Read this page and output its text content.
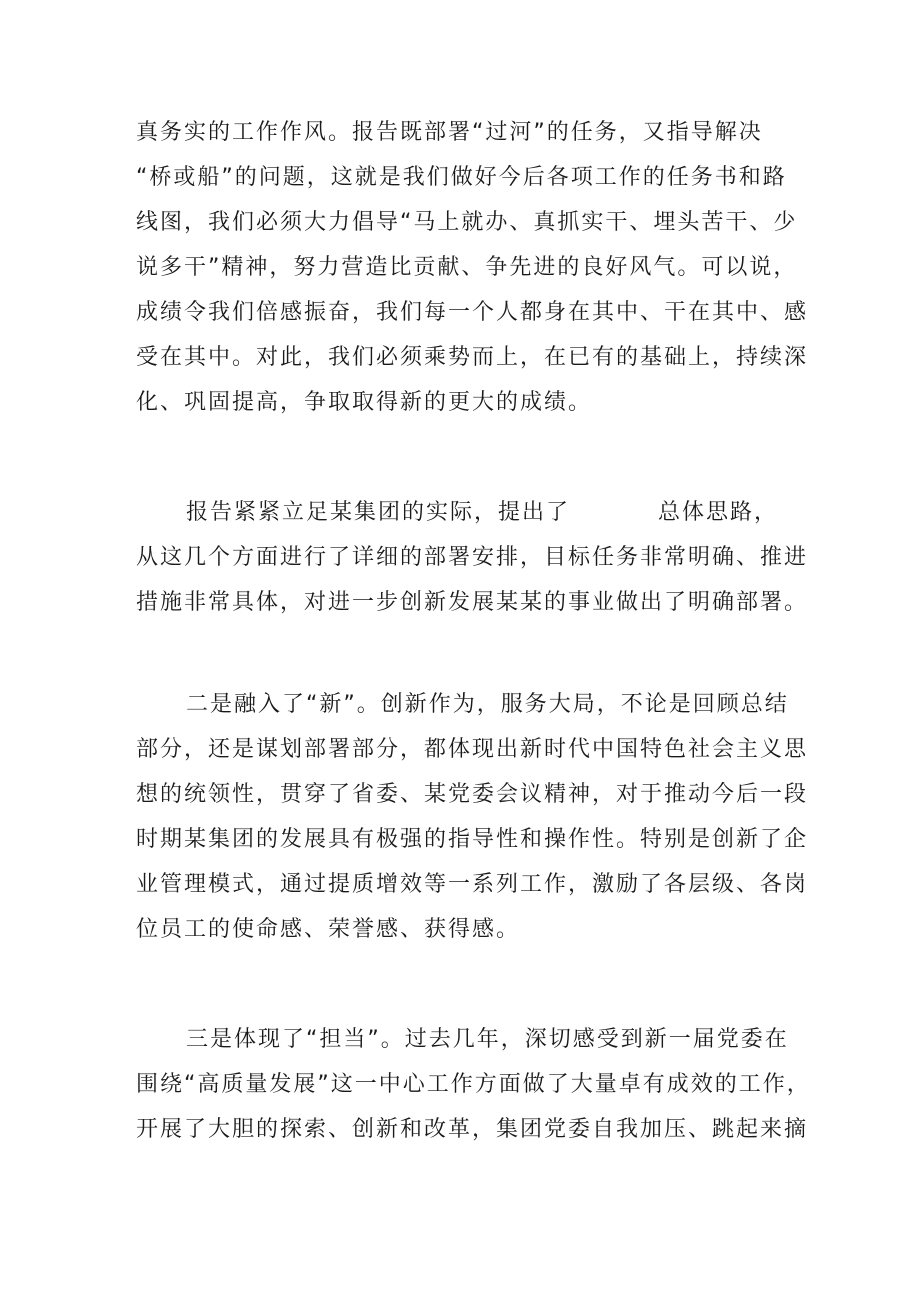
真务实的工作作风。报告既部署“过河”的任务，又指导解决
“桥或船”的问题，这就是我们做好今后各项工作的任务书和路
线图，我们必须大力倡导“马上就办、真抓实干、埋头苦干、少
说多干”精神，努力营造比贡献、争先进的良好风气。可以说，
成绩令我们倍感振奋，我们每一个人都身在其中、干在其中、感
受在其中。对此，我们必须乘势而上，在已有的基础上，持续深
化、巩固提高，争取取得新的更大的成绩。
报告紧紧立足某集团的实际，提出了	总体思路，
从这几个方面进行了详细的部署安排，目标任务非常明确、推进
措施非常具体，对进一步创新发展某某的事业做出了明确部署。
二是融入了“新”。创新作为，服务大局，不论是回顾总结
部分，还是谋划部署部分，都体现出新时代中国特色社会主义思
想的统领性，贯穿了省委、某党委会议精神，对于推动今后一段
时期某集团的发展具有极强的指导性和操作性。特别是创新了企
业管理模式，通过提质增效等一系列工作，激励了各层级、各岗
位员工的使命感、荣誉感、获得感。
三是体现了“担当”。过去几年，深切感受到新一届党委在
围绕“高质量发展”这一中心工作方面做了大量卓有成效的工作，
开展了大胆的探索、创新和改革，集团党委自我加压、跳起来摘
